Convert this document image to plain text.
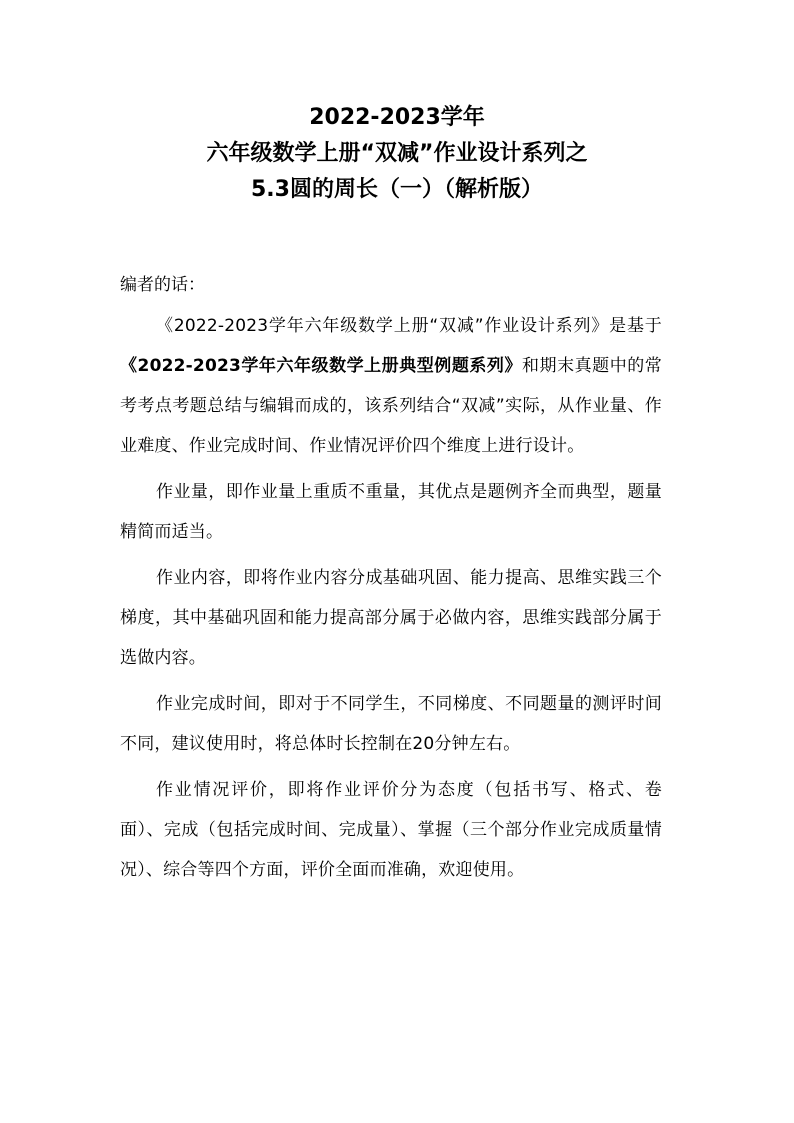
2022-2023学年
六年级数学上册“双减”作业设计系列之
5.3圆的周长（一）（解析版）
编者的话：

《2022-2023学年六年级数学上册“双减”作业设计系列》是基于《2022-2023学年六年级数学上册典型例题系列》和期末真题中的常考考点考题总结与编辑而成的，该系列结合“双减”实际，从作业量、作业难度、作业完成时间、作业情况评价四个维度上进行设计。

作业量，即作业量上重质不重量，其优点是题例齐全而典型，题量精简而适当。

作业内容，即将作业内容分成基础巩固、能力提高、思维实践三个梯度，其中基础巩固和能力提高部分属于必做内容，思维实践部分属于选做内容。

作业完成时间，即对于不同学生，不同梯度、不同题量的测评时间不同，建议使用时，将总体时长控制在20分钟左右。

作业情况评价，即将作业评价分为态度（包括书写、格式、卷面）、完成（包括完成时间、完成量）、掌握（三个部分作业完成质量情况）、综合等四个方面，评价全面而准确，欢迎使用。
